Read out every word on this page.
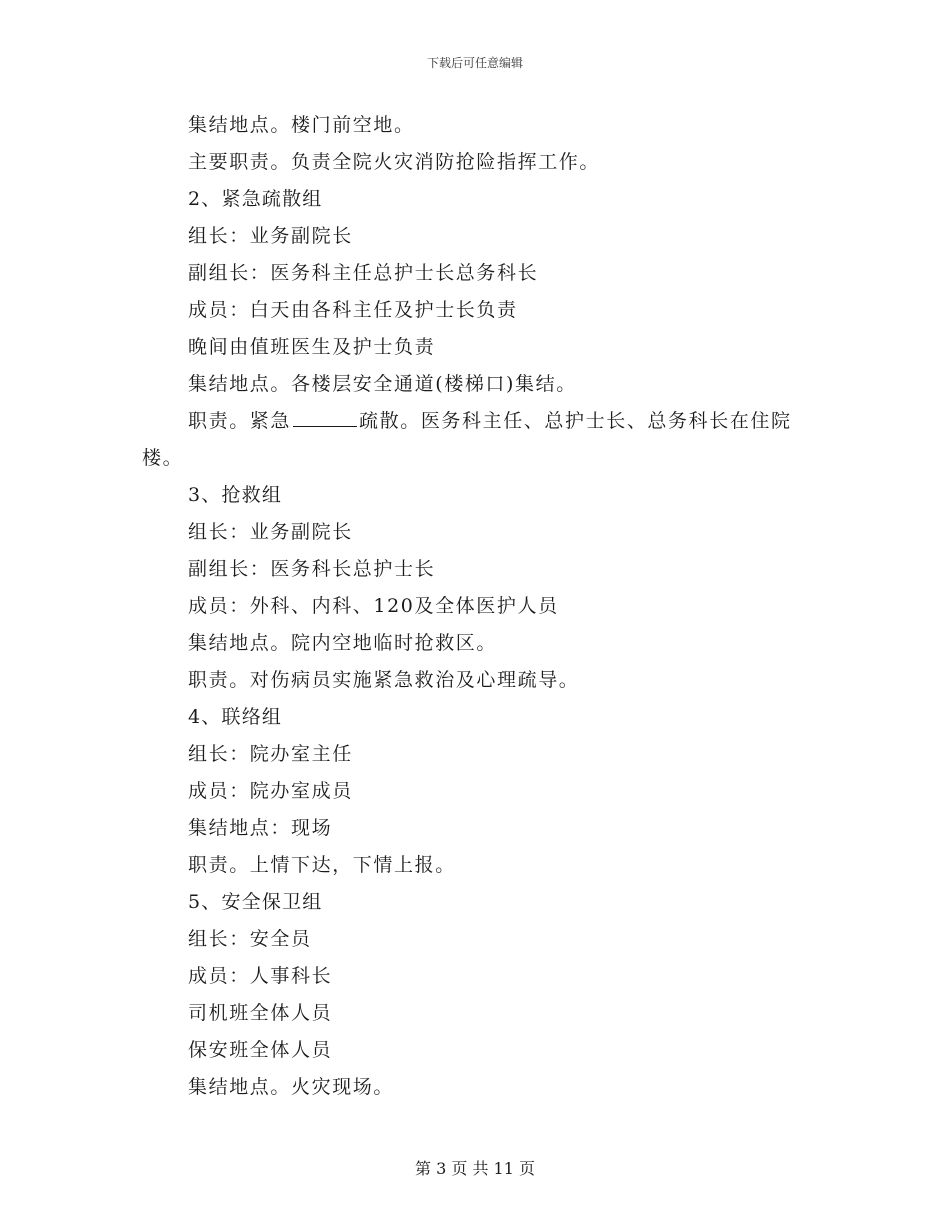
下载后可任意编辑
集结地点。楼门前空地。
主要职责。负责全院火灾消防抢险指挥工作。
2、紧急疏散组
组长：业务副院长
副组长：医务科主任总护士长总务科长
成员：白天由各科主任及护士长负责
晚间由值班医生及护士负责
集结地点。各楼层安全通道(楼梯口)集结。
职责。紧急	疏散。医务科主任、总护士长、总务科长在住院
楼。
3、抢救组
组长：业务副院长
副组长：医务科长总护士长
成员：外科、内科、120及全体医护人员
集结地点。院内空地临时抢救区。
职责。对伤病员实施紧急救治及心理疏导。
4、联络组
组长：院办室主任
成员：院办室成员
集结地点：现场
职责。上情下达，下情上报。
5、安全保卫组
组长：安全员
成员：人事科长
司机班全体人员
保安班全体人员
集结地点。火灾现场。
第 3 页 共 11 页
